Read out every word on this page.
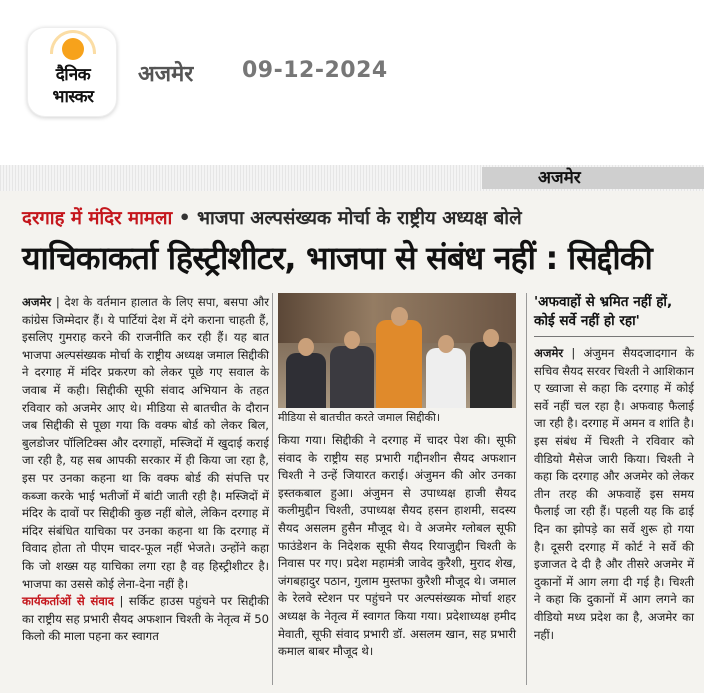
दैनिक
भास्कर
अजमेर 09-12-2024
अजमेर
दरगाह में मंदिर मामला • भाजपा अल्पसंख्यक मोर्चा के राष्ट्रीय अध्यक्ष बोले
याचिकाकर्ता हिस्ट्रीशीटर, भाजपा से संबंध नहीं : सिद्दीकी
अजमेर | देश के वर्तमान हालात के लिए सपा, बसपा और कांग्रेस जिम्मेदार हैं। ये पार्टियां देश में दंगे कराना चाहती हैं, इसलिए गुमराह करने की राजनीति कर रही हैं। यह बात भाजपा अल्पसंख्यक मोर्चा के राष्ट्रीय अध्यक्ष जमाल सिद्दीकी ने दरगाह में मंदिर प्रकरण को लेकर पूछे गए सवाल के जवाब में कही। सिद्दीकी सूफी संवाद अभियान के तहत रविवार को अजमेर आए थे। मीडिया से बातचीत के दौरान जब सिद्दीकी से पूछा गया कि वक्फ बोर्ड को लेकर बिल, बुलडोजर पॉलिटिक्स और दरगाहों, मस्जिदों में खुदाई कराई जा रही है, यह सब आपकी सरकार में ही किया जा रहा है, इस पर उनका कहना था कि वक्फ बोर्ड की संपत्ति पर कब्जा करके भाई भतीजों में बांटी जाती रही है। मस्जिदों में मंदिर के दावों पर सिद्दीकी कुछ नहीं बोले, लेकिन दरगाह में मंदिर संबंधित याचिका पर उनका कहना था कि दरगाह में विवाद होता तो पीएम चादर-फूल नहीं भेजते। उन्होंने कहा कि जो शख्स यह याचिका लगा रहा है वह हिस्ट्रीशीटर है। भाजपा का उससे कोई लेना-देना नहीं है।
कार्यकर्ताओं से संवाद | सर्किट हाउस पहुंचने पर सिद्दीकी का राष्ट्रीय सह प्रभारी सैयद अफशान चिश्ती के नेतृत्व में 50 किलो की माला पहना कर स्वागत
मीडिया से बातचीत करते जमाल सिद्दीकी।
किया गया। सिद्दीकी ने दरगाह में चादर पेश की। सूफी संवाद के राष्ट्रीय सह प्रभारी गद्दीनशीन सैयद अफशान चिश्ती ने उन्हें जियारत कराई। अंजुमन की ओर उनका इस्तकबाल हुआ। अंजुमन से उपाध्यक्ष हाजी सैयद कलीमुद्दीन चिश्ती, उपाध्यक्ष सैयद हसन हाशमी, सदस्य सैयद असलम हुसैन मौजूद थे। वे अजमेर ग्लोबल सूफी फाउंडेशन के निदेशक सूफी सैयद रियाजुद्दीन चिश्ती के निवास पर गए। प्रदेश महामंत्री जावेद कुरैशी, मुराद शेख, जंगबहादुर पठान, गुलाम मुस्तफा कुरैशी मौजूद थे। जमाल के रेलवे स्टेशन पर पहुंचने पर अल्पसंख्यक मोर्चा शहर अध्यक्ष के नेतृत्व में स्वागत किया गया। प्रदेशाध्यक्ष हमीद मेवाती, सूफी संवाद प्रभारी डॉ. असलम खान, सह प्रभारी कमाल बाबर मौजूद थे।
'अफवाहों से भ्रमित नहीं हों, कोई सर्वे नहीं हो रहा'
अजमेर | अंजुमन सैयदजादगान के सचिव सैयद सरवर चिश्ती ने आशिकान ए ख्वाजा से कहा कि दरगाह में कोई सर्वे नहीं चल रहा है। अफवाह फैलाई जा रही है। दरगाह में अमन व शांति है। इस संबंध में चिश्ती ने रविवार को वीडियो मैसेज जारी किया। चिश्ती ने कहा कि दरगाह और अजमेर को लेकर तीन तरह की अफवाहें इस समय फैलाई जा रही हैं। पहली यह कि ढाई दिन का झोपड़े का सर्वे शुरू हो गया है। दूसरी दरगाह में कोर्ट ने सर्वे की इजाजत दे दी है और तीसरे अजमेर में दुकानों में आग लगा दी गई है। चिश्ती ने कहा कि दुकानों में आग लगने का वीडियो मध्य प्रदेश का है, अजमेर का नहीं।
